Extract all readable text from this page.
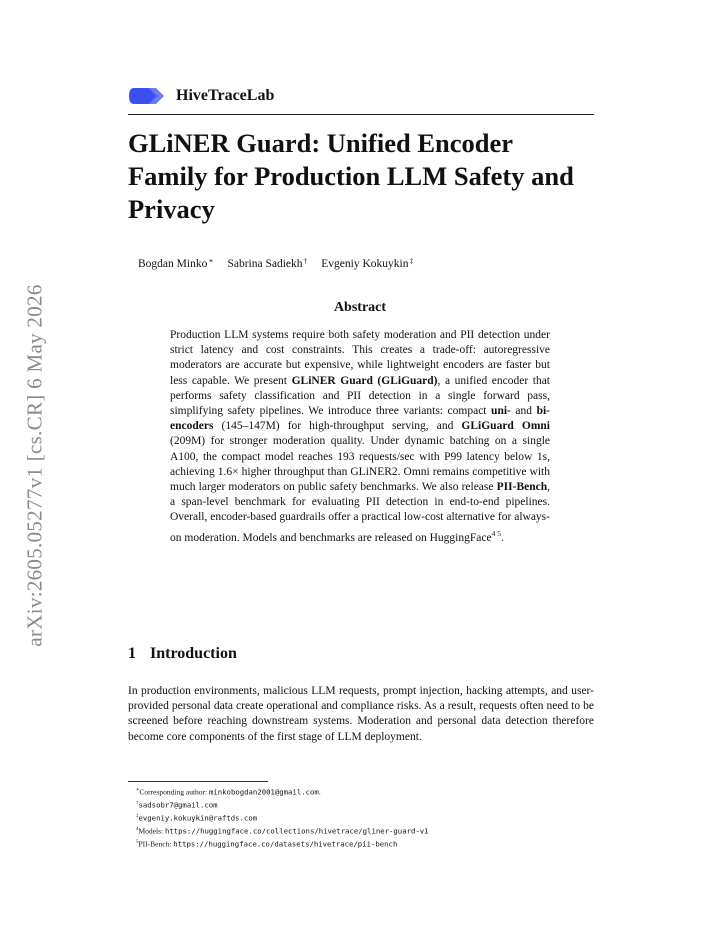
arXiv:2605.05277v1 [cs.CR] 6 May 2026
HiveTraceLab
GLiNER Guard: Unified Encoder
Family for Production LLM Safety and
Privacy
Bogdan Minko∗ Sabrina Sadiekh† Evgeniy Kokuykin‡
Abstract

Production LLM systems require both safety moderation and PII detection under strict latency and cost constraints. This creates a trade-off: autoregressive moderators are accurate but expensive, while lightweight encoders are faster but less capable. We present GLiNER Guard (GLiGuard), a unified encoder that performs safety classification and PII detection in a single forward pass, simplifying safety pipelines. We introduce three variants: compact uni- and bi-encoders (145–147M) for high-throughput serving, and GLiGuard Omni (209M) for stronger moderation quality. Under dynamic batching on a single A100, the compact model reaches 193 requests/sec with P99 latency below 1s, achieving 1.6× higher throughput than GLiNER2. Omni remains competitive with much larger moderators on public safety benchmarks. We also release PII-Bench, a span-level benchmark for evaluating PII detection in end-to-end pipelines. Overall, encoder-based guardrails offer a practical low-cost alternative for always-on moderation. Models and benchmarks are released on HuggingFace$^{4 5}$.

1 Introduction

In production environments, malicious LLM requests, prompt injection, hacking attempts, and user-provided personal data create operational and compliance risks. As a result, requests often need to be screened before reaching downstream systems. Moderation and personal data detection therefore become core components of the first stage of LLM deployment.

∗Corresponding author: minkobogdan2001@gmail.com.
†sadsobr7@gmail.com
‡evgeniy.kokuykin@raftds.com
$^4$Models: https://huggingface.co/collections/hivetrace/gliner-guard-v1
$^5$PII-Bench: https://huggingface.co/datasets/hivetrace/pii-bench
